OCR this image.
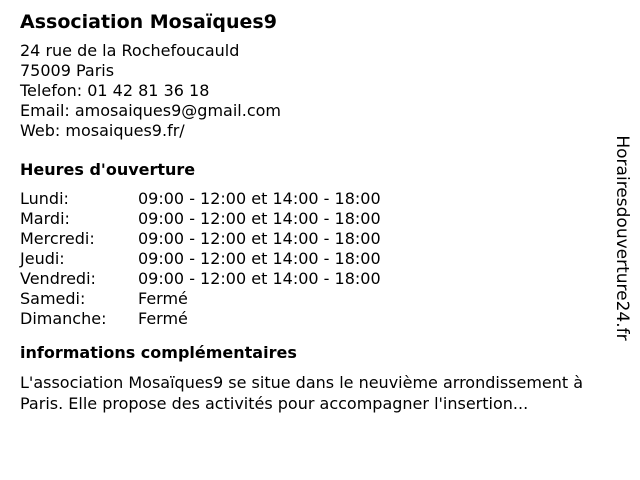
Association Mosaïques9
24 rue de la Rochefoucauld
75009 Paris
Telefon: 01 42 81 36 18
Email: amosaiques9@gmail.com
Web: mosaiques9.fr/
Heures d'ouverture
Lundi:	09:00 - 12:00 et 14:00 - 18:00
Mardi:	09:00 - 12:00 et 14:00 - 18:00
Mercredi:	09:00 - 12:00 et 14:00 - 18:00
Jeudi:	09:00 - 12:00 et 14:00 - 18:00
Vendredi:	09:00 - 12:00 et 14:00 - 18:00
Samedi:	Fermé
Dimanche:	Fermé
informations complémentaires

L'association Mosaïques9 se situe dans le neuvième arrondissement à Paris. Elle propose des activités pour accompagner l'insertion...

Horairesdouverture24.fr
